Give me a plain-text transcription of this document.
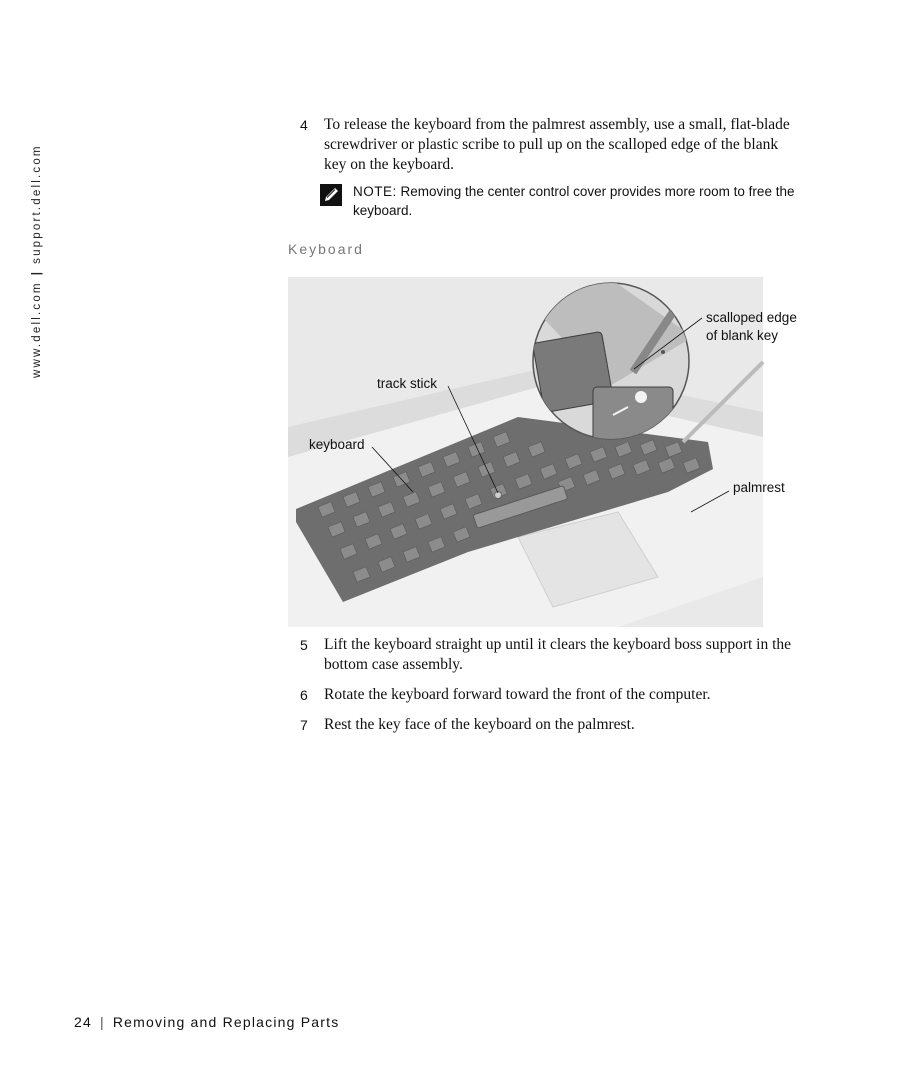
www.dell.com|support.dell.com
4 To release the keyboard from the palmrest assembly, use a small, flat-blade screwdriver or plastic scribe to pull up on the scalloped edge of the blank key on the keyboard.
NOTE: Removing the center control cover provides more room to free the keyboard.
Keyboard
scalloped edge
of blank key
track stick
keyboard
palmrest
5 Lift the keyboard straight up until it clears the keyboard boss support in the bottom case assembly.
6 Rotate the keyboard forward toward the front of the computer.
7 Rest the key face of the keyboard on the palmrest.
24 | Removing and Replacing Parts
